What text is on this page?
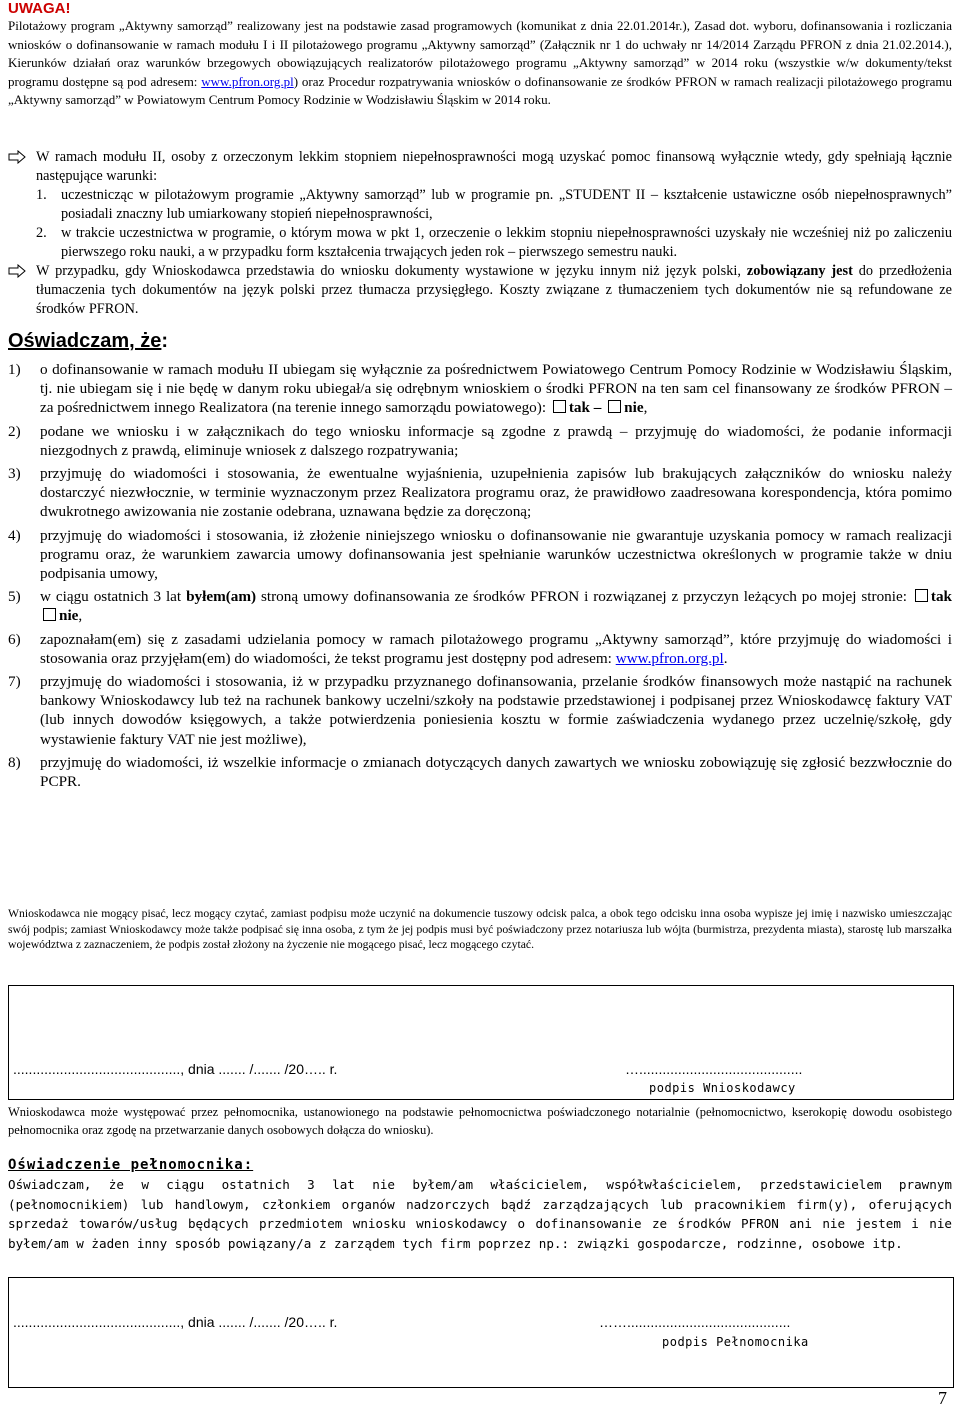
UWAGA!
Pilotażowy program „Aktywny samorząd” realizowany jest na podstawie zasad programowych (komunikat z dnia 22.01.2014r.), Zasad dot. wyboru, dofinansowania i rozliczania wniosków o dofinansowanie w ramach modułu I i II pilotażowego programu „Aktywny samorząd” (Załącznik nr 1 do uchwały nr 14/2014 Zarządu PFRON z dnia 21.02.2014.), Kierunków działań oraz warunków brzegowych obowiązujących realizatorów pilotażowego programu „Aktywny samorząd” w 2014 roku (wszystkie w/w dokumenty/tekst programu dostępne są pod adresem: www.pfron.org.pl) oraz Procedur rozpatrywania wniosków o dofinansowanie ze środków PFRON w ramach realizacji pilotażowego programu „Aktywny samorząd” w Powiatowym Centrum Pomocy Rodzinie w Wodzisławiu Śląskim w 2014 roku.
W ramach modułu II, osoby z orzeczonym lekkim stopniem niepełnosprawności mogą uzyskać pomoc finansową wyłącznie wtedy, gdy spełniają łącznie następujące warunki:
1. uczestnicząc w pilotażowym programie „Aktywny samorząd” lub w programie pn. „STUDENT II – kształcenie ustawiczne osób niepełnosprawnych” posiadali znaczny lub umiarkowany stopień niepełnosprawności,
2. w trakcie uczestnictwa w programie, o którym mowa w pkt 1, orzeczenie o lekkim stopniu niepełnosprawności uzyskały nie wcześniej niż po zaliczeniu pierwszego roku nauki, a w przypadku form kształcenia trwających jeden rok – pierwszego semestru nauki.
W przypadku, gdy Wnioskodawca przedstawia do wniosku dokumenty wystawione w języku innym niż język polski, zobowiązany jest do przedłożenia tłumaczenia tych dokumentów na język polski przez tłumacza przysięgłego. Koszty związane z tłumaczeniem tych dokumentów nie są refundowane ze środków PFRON.
Oświadczam, że:
1) o dofinansowanie w ramach modułu II ubiegam się wyłącznie za pośrednictwem Powiatowego Centrum Pomocy Rodzinie w Wodzisławiu Śląskim, tj. nie ubiegam się i nie będę w danym roku ubiegał/a się odrębnym wnioskiem o środki PFRON na ten sam cel finansowany ze środków PFRON – za pośrednictwem innego Realizatora (na terenie innego samorządu powiatowego): tak – nie,
2) podane we wniosku i w załącznikach do tego wniosku informacje są zgodne z prawdą – przyjmuję do wiadomości, że podanie informacji niezgodnych z prawdą, eliminuje wniosek z dalszego rozpatrywania;
3) przyjmuję do wiadomości i stosowania, że ewentualne wyjaśnienia, uzupełnienia zapisów lub brakujących załączników do wniosku należy dostarczyć niezwłocznie, w terminie wyznaczonym przez Realizatora programu oraz, że prawidłowo zaadresowana korespondencja, która pomimo dwukrotnego awizowania nie zostanie odebrana, uznawana będzie za doręczoną;
4) przyjmuję do wiadomości i stosowania, iż złożenie niniejszego wniosku o dofinansowanie nie gwarantuje uzyskania pomocy w ramach realizacji programu oraz, że warunkiem zawarcia umowy dofinansowania jest spełnianie warunków uczestnictwa określonych w programie także w dniu podpisania umowy,
5) w ciągu ostatnich 3 lat byłem(am) stroną umowy dofinansowania ze środków PFRON i rozwiązanej z przyczyn leżących po mojej stronie: tak nie,
6) zapoznałam(em) się z zasadami udzielania pomocy w ramach pilotażowego programu „Aktywny samorząd”, które przyjmuję do wiadomości i stosowania oraz przyjęłam(em) do wiadomości, że tekst programu jest dostępny pod adresem: www.pfron.org.pl.
7) przyjmuję do wiadomości i stosowania, iż w przypadku przyznanego dofinansowania, przelanie środków finansowych może nastąpić na rachunek bankowy Wnioskodawcy lub też na rachunek bankowy uczelni/szkoły na podstawie przedstawionej i podpisanej przez Wnioskodawcę faktury VAT (lub innych dowodów księgowych, a także potwierdzenia poniesienia kosztu w formie zaświadczenia wydanego przez uczelnię/szkołę, gdy wystawienie faktury VAT nie jest możliwe),
8) przyjmuję do wiadomości, iż wszelkie informacje o zmianach dotyczących danych zawartych we wniosku zobowiązuję się zgłosić bezzwłocznie do PCPR.
Wnioskodawca nie mogący pisać, lecz mogący czytać, zamiast podpisu może uczynić na dokumencie tuszowy odcisk palca, a obok tego odcisku inna osoba wypisze jej imię i nazwisko umieszczając swój podpis; zamiast Wnioskodawcy może także podpisać się inna osoba, z tym że jej podpis musi być poświadczony przez notariusza lub wójta (burmistrza, prezydenta miasta), starostę lub marszałka województwa z zaznaczeniem, że podpis został złożony na życzenie nie mogącego pisać, lecz mogącego czytać.
..........................................., dnia ....... /....... /20….. r.	…..........................................
podpis Wnioskodawcy
Wnioskodawca może występować przez pełnomocnika, ustanowionego na podstawie pełnomocnictwa poświadczonego notarialnie (pełnomocnictwo, kserokopię dowodu osobistego pełnomocnika oraz zgodę na przetwarzanie danych osobowych dołącza do wniosku).
Oświadczenie pełnomocnika:
Oświadczam, że w ciągu ostatnich 3 lat nie byłem/am właścicielem, współwłaścicielem, przedstawicielem prawnym (pełnomocnikiem) lub handlowym, członkiem organów nadzorczych bądź zarządzających lub pracownikiem firm(y), oferujących sprzedaż towarów/usług będących przedmiotem wniosku wnioskodawcy o dofinansowanie ze środków PFRON ani nie jestem i nie byłem/am w żaden inny sposób powiązany/a z zarządem tych firm poprzez np.: związki gospodarcze, rodzinne, osobowe itp.
..........................................., dnia ....... /....... /20….. r.	……..........................................
podpis Pełnomocnika
7
